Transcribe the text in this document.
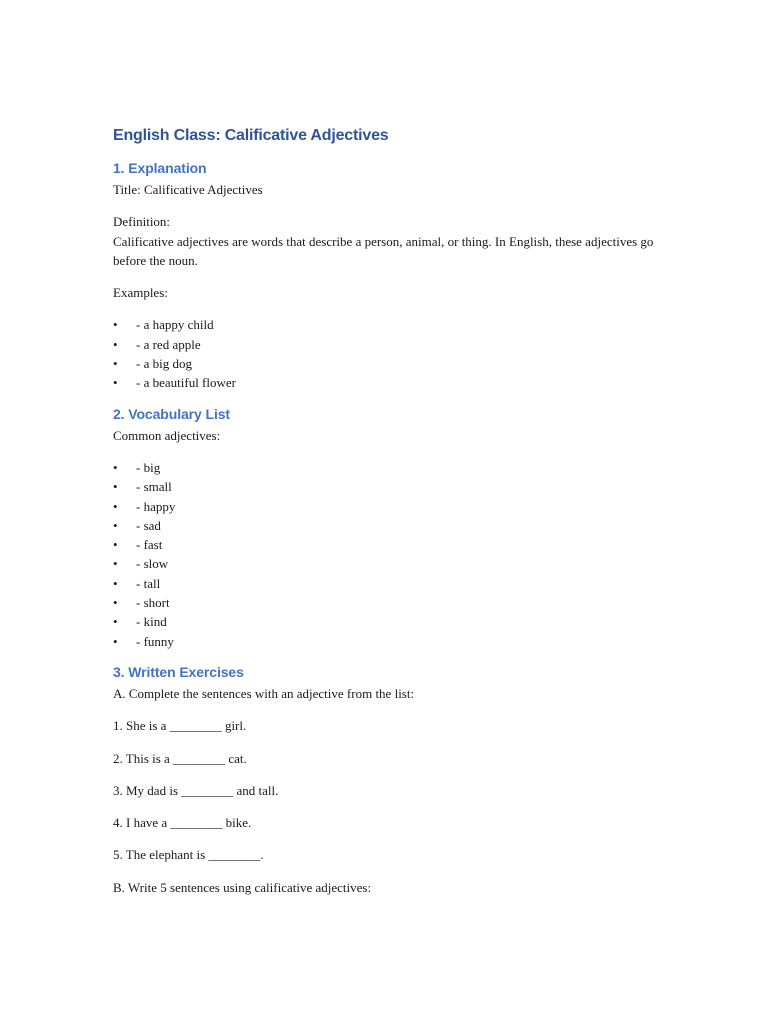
English Class: Calificative Adjectives
1. Explanation

Title: Calificative Adjectives

Definition:

Calificative adjectives are words that describe a person, animal, or thing. In English, these adjectives go before the noun.

Examples:

• - a happy child
• - a red apple
• - a big dog
• - a beautiful flower
2. Vocabulary List

Common adjectives:

• - big
• - small
• - happy
• - sad
• - fast
• - slow
• - tall
• - short
• - kind
• - funny
3. Written Exercises

A. Complete the sentences with an adjective from the list:

1. She is a ________ girl.

2. This is a ________ cat.

3. My dad is ________ and tall.

4. I have a ________ bike.

5. The elephant is ________.

B. Write 5 sentences using calificative adjectives:
